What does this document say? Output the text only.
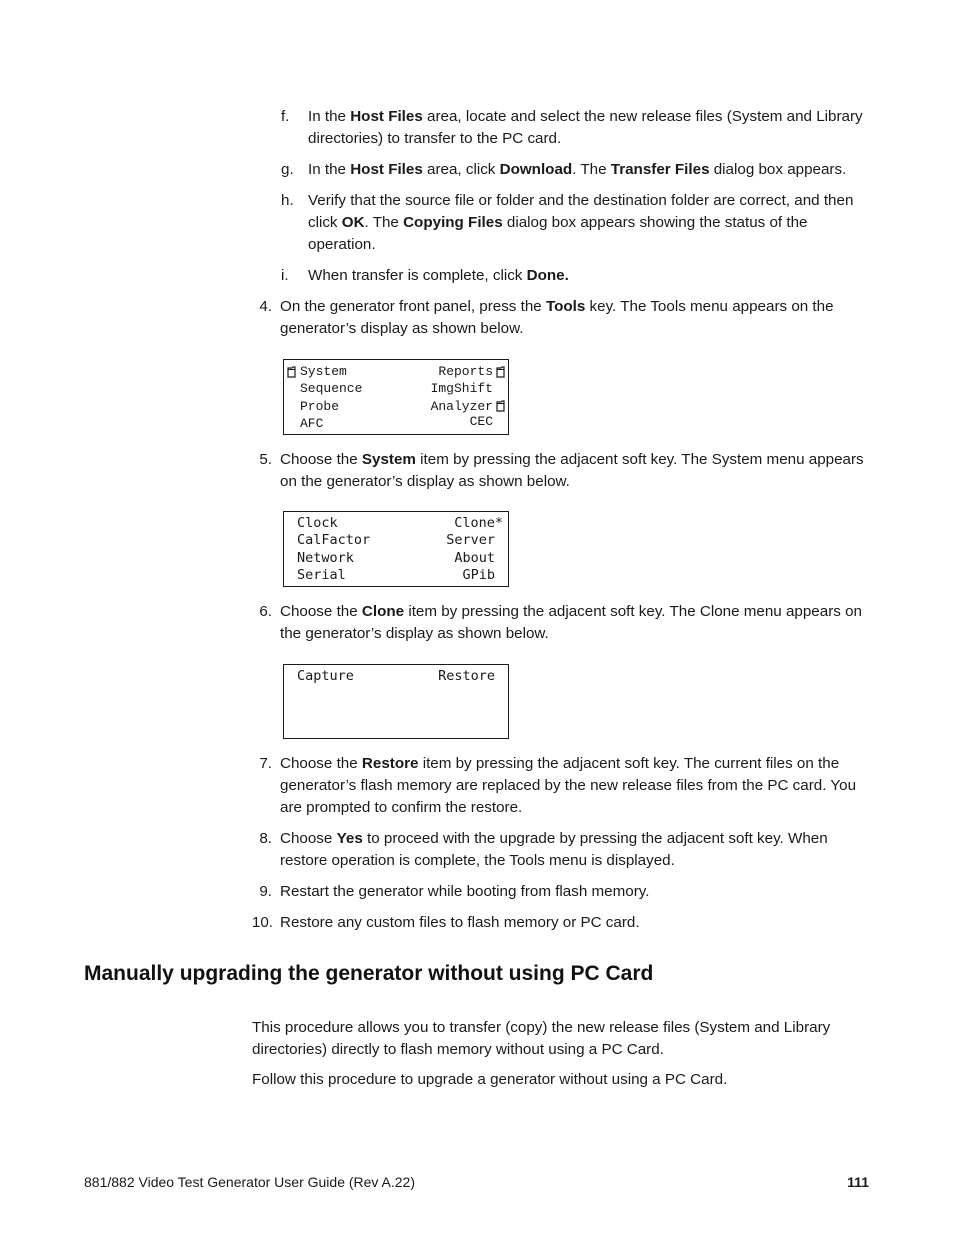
f. In the Host Files area, locate and select the new release files (System and Library directories) to transfer to the PC card.
g. In the Host Files area, click Download. The Transfer Files dialog box appears.
h. Verify that the source file or folder and the destination folder are correct, and then click OK. The Copying Files dialog box appears showing the status of the operation.
i. When transfer is complete, click Done.
4. On the generator front panel, press the Tools key. The Tools menu appears on the generator’s display as shown below.
System
Sequence
Probe
AFC
Reports
ImgShift
Analyzer
CEC
5. Choose the System item by pressing the adjacent soft key. The System menu appears on the generator’s display as shown below.
Clock
CalFactor
Network
Serial
Clone*
Server
About
GPib
6. Choose the Clone item by pressing the adjacent soft key. The Clone menu appears on the generator’s display as shown below.
Capture	Restore
7. Choose the Restore item by pressing the adjacent soft key. The current files on the generator’s flash memory are replaced by the new release files from the PC card. You are prompted to confirm the restore.
8. Choose Yes to proceed with the upgrade by pressing the adjacent soft key. When restore operation is complete, the Tools menu is displayed.
9. Restart the generator while booting from flash memory.
10. Restore any custom files to flash memory or PC card.
Manually upgrading the generator without using PC Card
This procedure allows you to transfer (copy) the new release files (System and Library directories) directly to flash memory without using a PC Card.
Follow this procedure to upgrade a generator without using a PC Card.
881/882 Video Test Generator User Guide (Rev A.22)	111
